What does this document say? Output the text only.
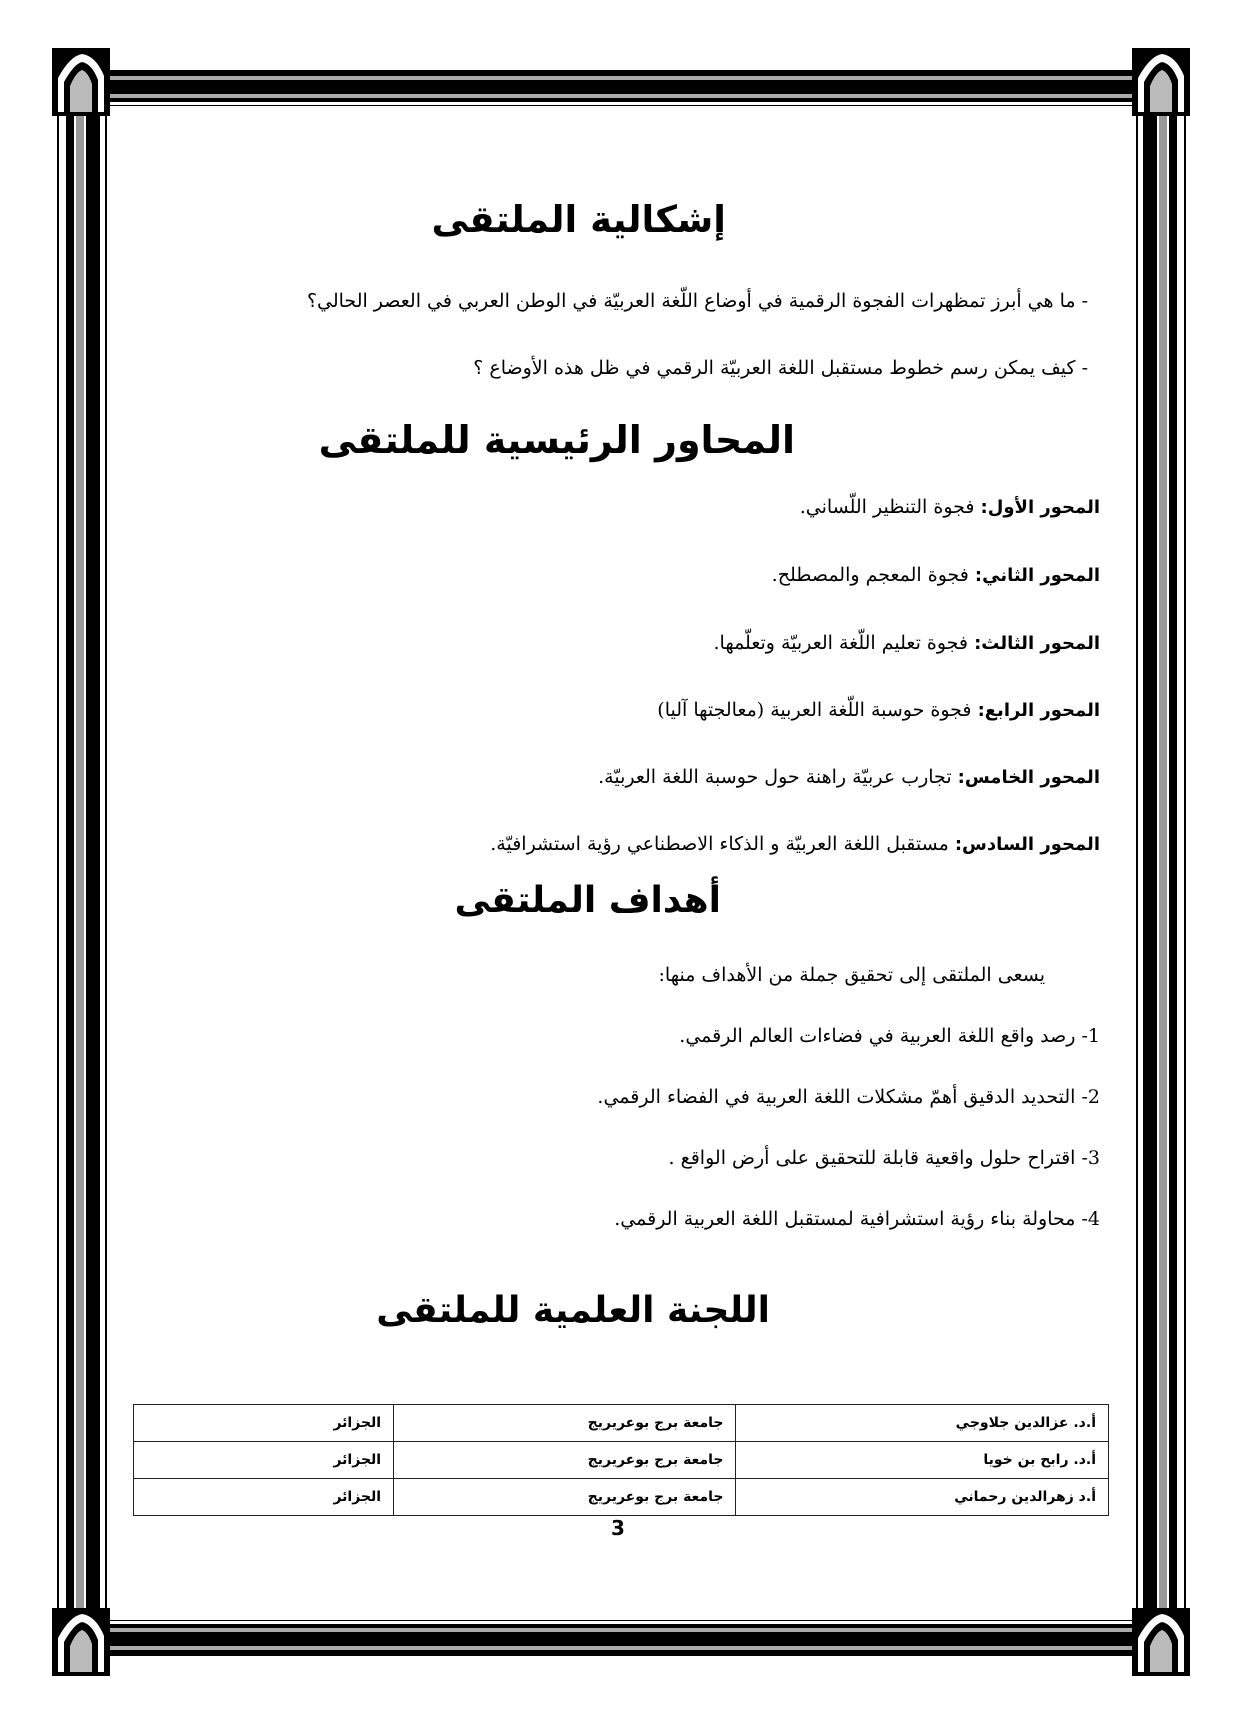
إشكالية الملتقى
- ما هي أبرز تمظهرات الفجوة الرقمية في أوضاع اللّغة العربيّة في الوطن العربي في العصر الحالي؟
- كيف يمكن رسم خطوط مستقبل اللغة العربيّة الرقمي في ظل هذه الأوضاع ؟
المحاور الرئيسية للملتقى
المحور الأول: فجوة التنظير اللّساني.
المحور الثاني: فجوة المعجم والمصطلح.
المحور الثالث: فجوة تعليم اللّغة العربيّة وتعلّمها.
المحور الرابع: فجوة حوسبة اللّغة العربية (معالجتها آليا)
المحور الخامس: تجارب عربيّة راهنة حول حوسبة اللغة العربيّة.
المحور السادس: مستقبل اللغة العربيّة و الذكاء الاصطناعي رؤية استشرافيّة.
أهداف الملتقى
يسعى الملتقى إلى تحقيق جملة من الأهداف منها:
1- رصد واقع اللغة العربية في فضاءات العالم الرقمي.
2- التحديد الدقيق أهمّ مشكلات اللغة العربية في الفضاء الرقمي.
3- اقتراح حلول واقعية قابلة للتحقيق على أرض الواقع .
4- محاولة بناء رؤية استشرافية لمستقبل اللغة العربية الرقمي.
اللجنة العلمية للملتقى
أ.د. عزالدين جلاوجي	جامعة برج بوعريريج	الجزائر
أ.د. رابح بن خويا	جامعة برج بوعريريج	الجزائر
أ.د زهرالدين رحماني	جامعة برج بوعريريج	الجزائر
3
